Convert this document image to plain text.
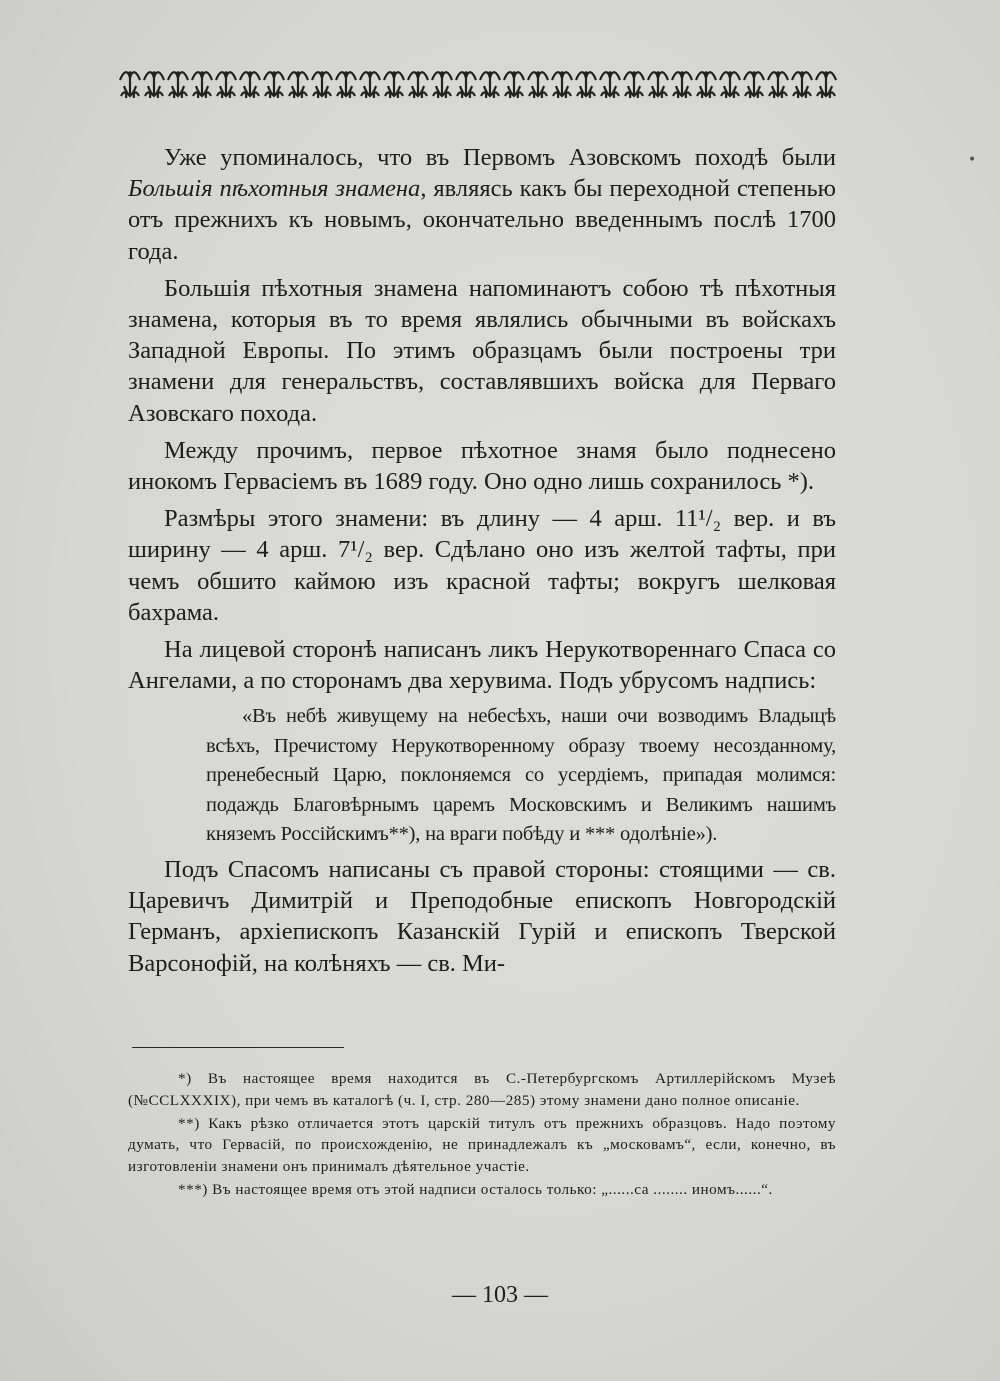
•

Уже упоминалось, что въ Первомъ Азовскомъ походѣ были Большія пѣхотныя знамена, являясь какъ бы переходной степенью отъ прежнихъ къ новымъ, окончательно введеннымъ послѣ 1700 года.

Большія пѣхотныя знамена напоминаютъ собою тѣ пѣхотныя знамена, которыя въ то время являлись обычными въ войскахъ Западной Европы. По этимъ образцамъ были построены три знамени для генеральствъ, составлявшихъ войска для Перваго Азовскаго похода.

Между прочимъ, первое пѣхотное знамя было поднесено инокомъ Гервасіемъ въ 1689 году. Оно одно лишь сохранилось *).

Размѣры этого знамени: въ длину — 4 арш. 11¹/₂ вер. и въ ширину — 4 арш. 7¹/₂ вер. Сдѣлано оно изъ желтой тафты, при чемъ обшито каймою изъ красной тафты; вокругъ шелковая бахрама.

На лицевой сторонѣ написанъ ликъ Нерукотвореннаго Спаса со Ангелами, а по сторонамъ два херувима. Подъ убрусомъ надпись:

«Въ небѣ живущему на небесѣхъ, наши очи возводимъ Владыцѣ всѣхъ, Пречистому Нерукотворенному образу твоему несозданному, пренебесный Царю, поклоняемся со усердіемъ, припадая молимся: подаждь Благовѣрнымъ царемъ Московскимъ и Великимъ нашимъ княземъ Россійскимъ**), на враги побѣду и *** одолѣніе»).

Подъ Спасомъ написаны съ правой стороны: стоящими — св. Царевичъ Димитрій и Преподобные епископъ Новгородскій Германъ, архіепископъ Казанскій Гурій и епископъ Тверской Варсонофій, на колѣняхъ — св. Ми-

*) Въ настоящее время находится въ С.-Петербургскомъ Артиллерійскомъ Музеѣ (№CCLXXXIX), при чемъ въ каталогѣ (ч. I, стр. 280—285) этому знамени дано полное описаніе.

**) Какъ рѣзко отличается этотъ царскій титулъ отъ прежнихъ образцовъ. Надо поэтому думать, что Гервасій, по происхожденію, не принадлежалъ къ „московамъ“, если, конечно, въ изготовленіи знамени онъ принималъ дѣятельное участіе.

***) Въ настоящее время отъ этой надписи осталось только: „......са ........ иномъ......“.

— 103 —
